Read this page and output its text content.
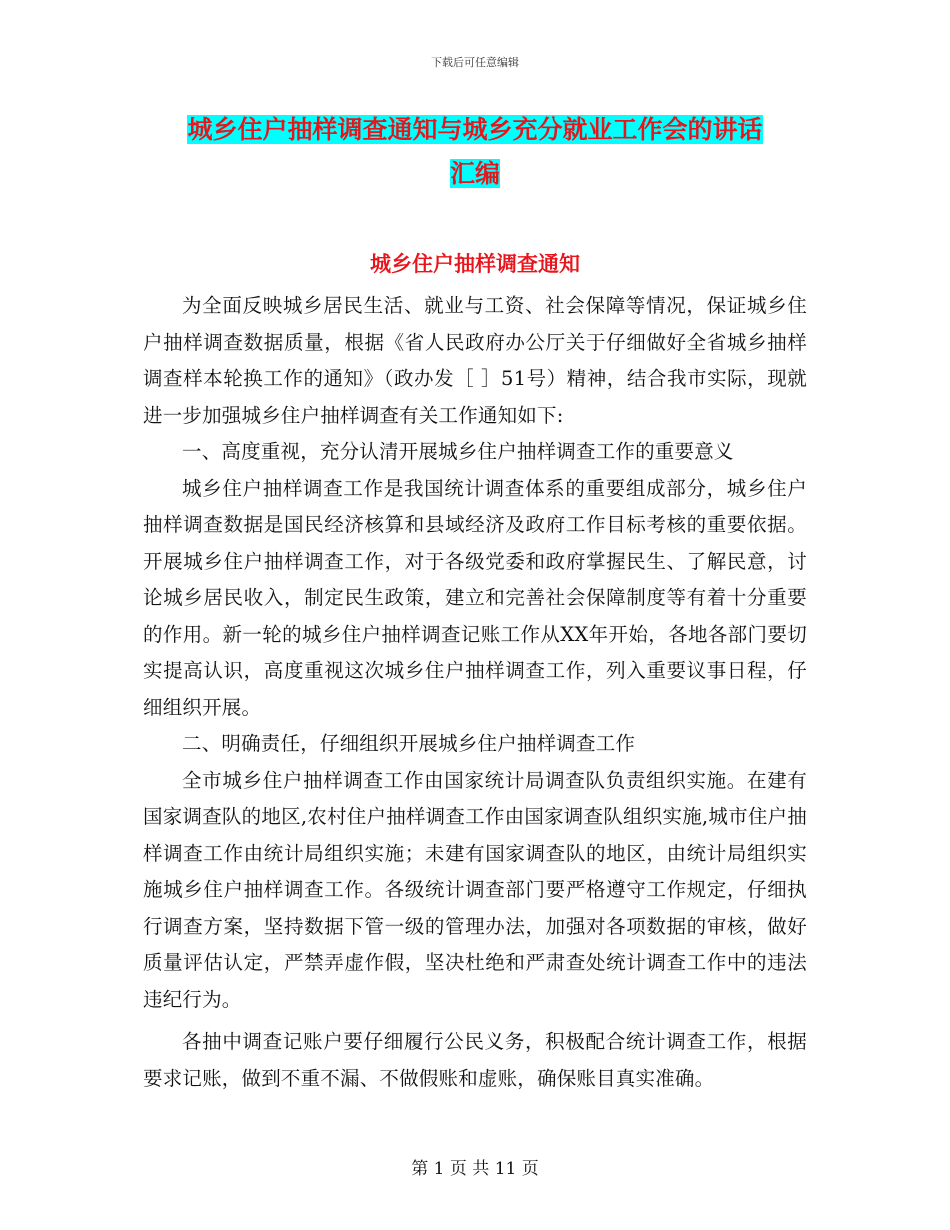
下载后可任意编辑
城乡住户抽样调查通知与城乡充分就业工作会的讲话
汇编
城乡住户抽样调查通知

为全面反映城乡居民生活、就业与工资、社会保障等情况，保证城乡住户抽样调查数据质量，根据《省人民政府办公厅关于仔细做好全省城乡抽样调查样本轮换工作的通知》（政办发［ ］51号）精神，结合我市实际，现就进一步加强城乡住户抽样调查有关工作通知如下:

一、高度重视，充分认清开展城乡住户抽样调查工作的重要意义

城乡住户抽样调查工作是我国统计调查体系的重要组成部分，城乡住户抽样调查数据是国民经济核算和县域经济及政府工作目标考核的重要依据。开展城乡住户抽样调查工作，对于各级党委和政府掌握民生、了解民意，讨论城乡居民收入，制定民生政策，建立和完善社会保障制度等有着十分重要的作用。新一轮的城乡住户抽样调查记账工作从XX年开始，各地各部门要切实提高认识，高度重视这次城乡住户抽样调查工作，列入重要议事日程，仔细组织开展。

二、明确责任，仔细组织开展城乡住户抽样调查工作

全市城乡住户抽样调查工作由国家统计局调查队负责组织实施。在建有国家调查队的地区,农村住户抽样调查工作由国家调查队组织实施,城市住户抽样调查工作由统计局组织实施；未建有国家调查队的地区，由统计局组织实施城乡住户抽样调查工作。各级统计调查部门要严格遵守工作规定，仔细执行调查方案，坚持数据下管一级的管理办法，加强对各项数据的审核，做好质量评估认定，严禁弄虚作假，坚决杜绝和严肃查处统计调查工作中的违法违纪行为。

各抽中调查记账户要仔细履行公民义务，积极配合统计调查工作，根据要求记账，做到不重不漏、不做假账和虚账，确保账目真实准确。

第 1 页 共 11 页
